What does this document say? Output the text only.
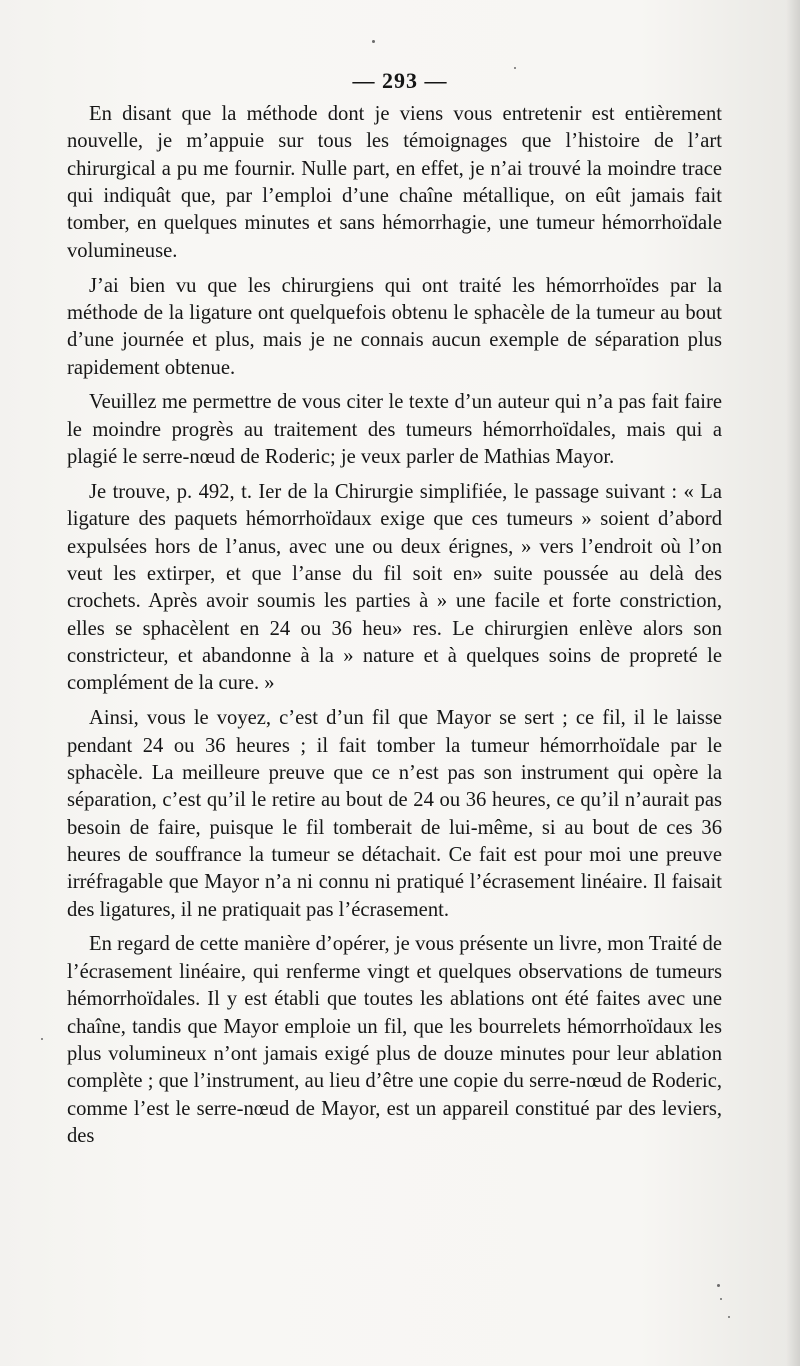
— 293 —

En disant que la méthode dont je viens vous entretenir est entièrement nouvelle, je m’appuie sur tous les témoignages que l’histoire de l’art chirurgical a pu me fournir. Nulle part, en effet, je n’ai trouvé la moindre trace qui indiquât que, par l’emploi d’une chaîne métallique, on eût jamais fait tomber, en quelques minutes et sans hémorrhagie, une tumeur hémorrhoïdale volumineuse.

J’ai bien vu que les chirurgiens qui ont traité les hémorrhoïdes par la méthode de la ligature ont quelquefois obtenu le sphacèle de la tumeur au bout d’une journée et plus, mais je ne connais aucun exemple de séparation plus rapidement obtenue.

Veuillez me permettre de vous citer le texte d’un auteur qui n’a pas fait faire le moindre progrès au traitement des tumeurs hémorrhoïdales, mais qui a plagié le serre-nœud de Roderic; je veux parler de Mathias Mayor.

Je trouve, p. 492, t. Ier de la Chirurgie simplifiée, le passage suivant : « La ligature des paquets hémorrhoïdaux exige que ces tumeurs » soient d’abord expulsées hors de l’anus, avec une ou deux érignes, » vers l’endroit où l’on veut les extirper, et que l’anse du fil soit en» suite poussée au delà des crochets. Après avoir soumis les parties à » une facile et forte constriction, elles se sphacèlent en 24 ou 36 heu» res. Le chirurgien enlève alors son constricteur, et abandonne à la » nature et à quelques soins de propreté le complément de la cure. »

Ainsi, vous le voyez, c’est d’un fil que Mayor se sert ; ce fil, il le laisse pendant 24 ou 36 heures ; il fait tomber la tumeur hémorrhoïdale par le sphacèle. La meilleure preuve que ce n’est pas son instrument qui opère la séparation, c’est qu’il le retire au bout de 24 ou 36 heures, ce qu’il n’aurait pas besoin de faire, puisque le fil tomberait de lui-même, si au bout de ces 36 heures de souffrance la tumeur se détachait. Ce fait est pour moi une preuve irréfragable que Mayor n’a ni connu ni pratiqué l’écrasement linéaire. Il faisait des ligatures, il ne pratiquait pas l’écrasement.

En regard de cette manière d’opérer, je vous présente un livre, mon Traité de l’écrasement linéaire, qui renferme vingt et quelques observations de tumeurs hémorrhoïdales. Il y est établi que toutes les ablations ont été faites avec une chaîne, tandis que Mayor emploie un fil, que les bourrelets hémorrhoïdaux les plus volumineux n’ont jamais exigé plus de douze minutes pour leur ablation complète ; que l’instrument, au lieu d’être une copie du serre-nœud de Roderic, comme l’est le serre-nœud de Mayor, est un appareil constitué par des leviers, des
